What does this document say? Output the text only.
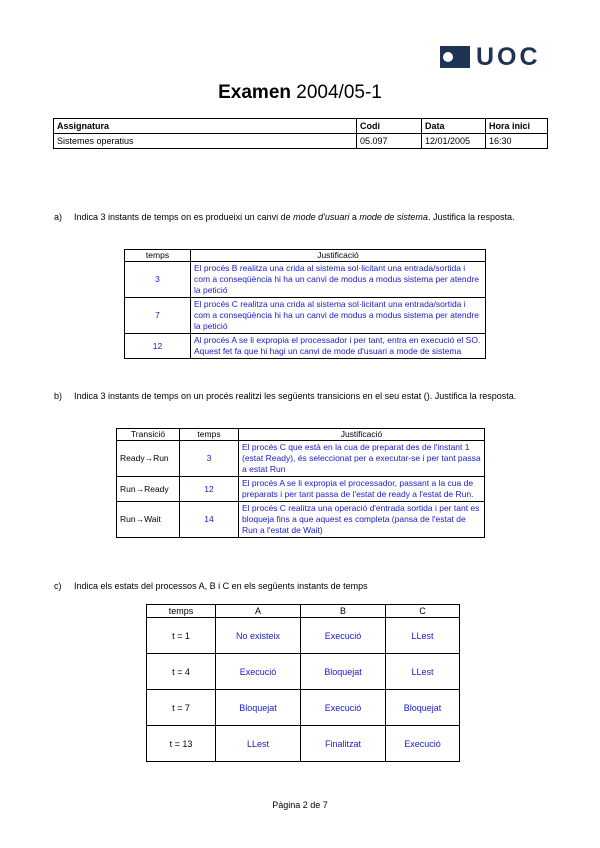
UOC
Examen 2004/05-1
Assignatura	Codi	Data	Hora inici
Sistemes operatius	05.097	12/01/2005	16:30
a) Indica 3 instants de temps on es produeixi un canvi de mode d'usuari a mode de sistema. Justifica la resposta.
temps	Justificació
3	El procés B realitza una crida al sistema sol·licitant una entrada/sortida i com a conseqüència hi ha un canvi de modus a modus sistema per atendre la petició
7	El procés C realitza una crida al sistema sol·licitant una entrada/sortida i com a conseqüència hi ha un canvi de modus a modus sistema per atendre la petició
12	Al procés A se li expropia el processador i per tant, entra en execució el SO. Aquest fet fa que hi hagi un canvi de mode d'usuari a mode de sistema
b) Indica 3 instants de temps on un procés realitzi les següents transicions en el seu estat (). Justifica la resposta.
Transició	temps	Justificació
Ready→Run	3	El procés C que està en la cua de preparat des de l'instant 1 (estat Ready), és seleccionat per a executar-se i per tant passa a estat Run
Run→Ready	12	El procés A se li expropia el processador, passant a la cua de preparats i per tant passa de l'estat de ready a l'estat de Run.
Run→Wait	14	El procés C realitza una operació d'entrada sortida i per tant es bloqueja fins a que aquest es completa (pansa de l'estat de Run a l'estat de Wait)
c) Indica els estats del processos A, B i C en els següents instants de temps
temps	A	B	C
t = 1	No existeix	Execució	LLest
t = 4	Execució	Bloquejat	LLest
t = 7	Bloquejat	Execució	Bloquejat
t = 13	LLest	Finalitzat	Execució
Pàgina 2 de 7
